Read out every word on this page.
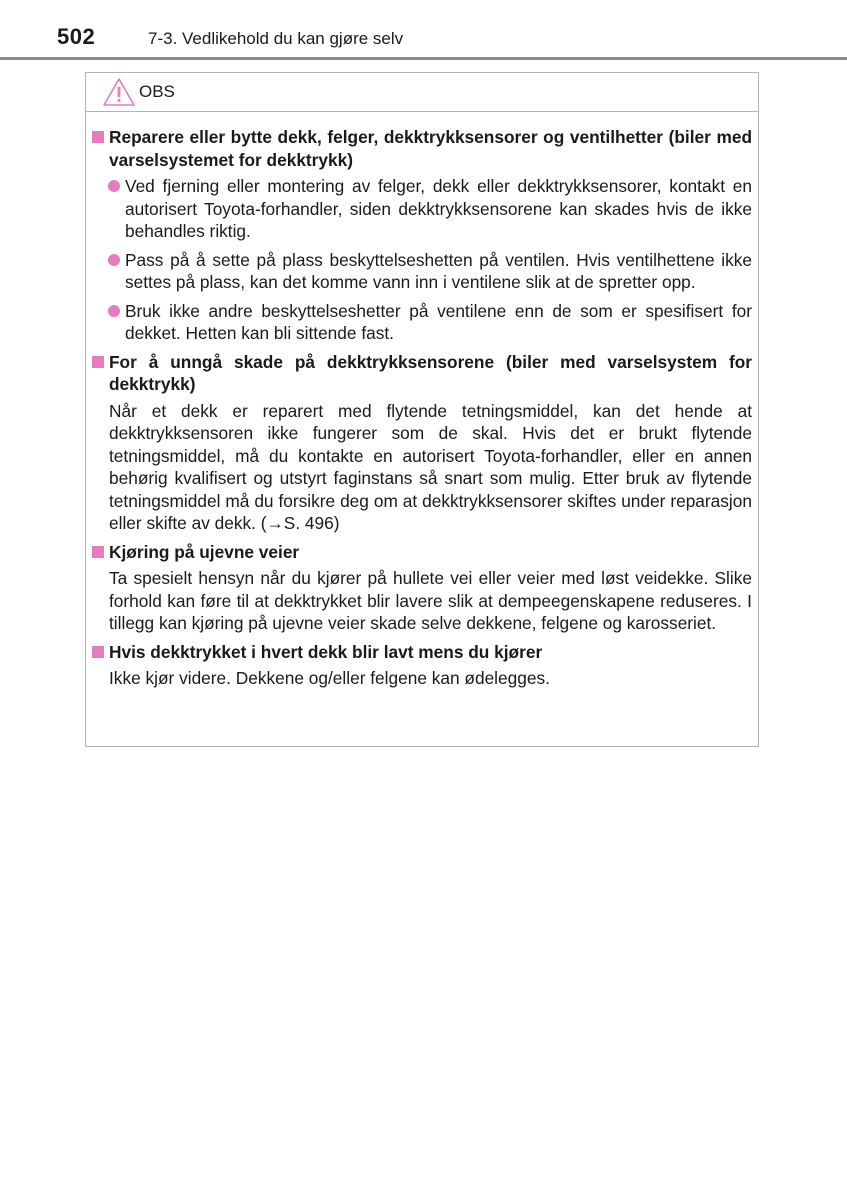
502	7-3. Vedlikehold du kan gjøre selv
OBS
Reparere eller bytte dekk, felger, dekktrykksensorer og ventilhetter (biler med varselsystemet for dekktrykk)
Ved fjerning eller montering av felger, dekk eller dekktrykksensorer, kontakt en autorisert Toyota-forhandler, siden dekktrykksensorene kan skades hvis de ikke behandles riktig.
Pass på å sette på plass beskyttelseshetten på ventilen. Hvis ventilhettene ikke settes på plass, kan det komme vann inn i ventilene slik at de spretter opp.
Bruk ikke andre beskyttelseshetter på ventilene enn de som er spesifisert for dekket. Hetten kan bli sittende fast.
For å unngå skade på dekktrykksensorene (biler med varselsystem for dekktrykk)
Når et dekk er reparert med flytende tetningsmiddel, kan det hende at dekktrykksensoren ikke fungerer som de skal. Hvis det er brukt flytende tetningsmiddel, må du kontakte en autorisert Toyota-forhandler, eller en annen behørig kvalifisert og utstyrt faginstans så snart som mulig. Etter bruk av flytende tetningsmiddel må du forsikre deg om at dekktrykksensorer skiftes under reparasjon eller skifte av dekk. (→S. 496)
Kjøring på ujevne veier
Ta spesielt hensyn når du kjører på hullete vei eller veier med løst veidekke. Slike forhold kan føre til at dekktrykket blir lavere slik at dempeegenskapene reduseres. I tillegg kan kjøring på ujevne veier skade selve dekkene, felgene og karosseriet.
Hvis dekktrykket i hvert dekk blir lavt mens du kjører
Ikke kjør videre. Dekkene og/eller felgene kan ødelegges.
